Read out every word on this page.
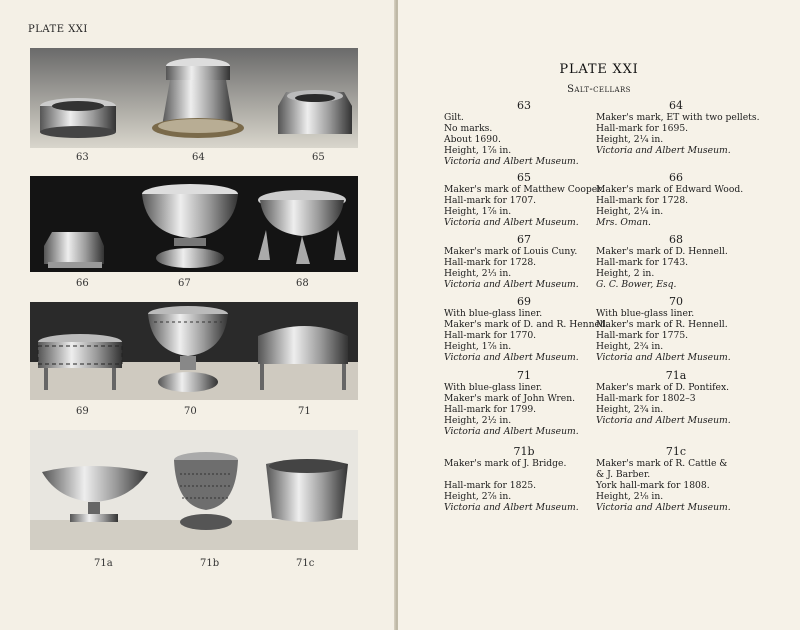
PLATE XXI
63	64	65
66	67	68
69	70	71
71a	71b	71c
PLATE XXI
Salt-cellars
63
Gilt.
No marks.
About 1690.
Height, 1⅞ in.
Victoria and Albert Museum.
64
Maker's mark, ET with two pellets.
Hall-mark for 1695.
Height, 2¼ in.
Victoria and Albert Museum.
65
Maker's mark of Matthew Cooper.
Hall-mark for 1707.
Height, 1⅞ in.
Victoria and Albert Museum.
66
Maker's mark of Edward Wood.
Hall-mark for 1728.
Height, 2¼ in.
Mrs. Oman.
67
Maker's mark of Louis Cuny.
Hall-mark for 1728.
Height, 2⅓ in.
Victoria and Albert Museum.
68
Maker's mark of D. Hennell.
Hall-mark for 1743.
Height, 2 in.
G. C. Bower, Esq.
69
With blue-glass liner.
Maker's mark of D. and R. Hennell.
Hall-mark for 1770.
Height, 1⅞ in.
Victoria and Albert Museum.
70
With blue-glass liner.
Maker's mark of R. Hennell.
Hall-mark for 1775.
Height, 2¾ in.
Victoria and Albert Museum.
71
With blue-glass liner.
Maker's mark of John Wren.
Hall-mark for 1799.
Height, 2½ in.
Victoria and Albert Museum.
71a
Maker's mark of D. Pontifex.
Hall-mark for 1802–3
Height, 2¾ in.
Victoria and Albert Museum.
71b
Maker's mark of J. Bridge.

Hall-mark for 1825.
Height, 2⅞ in.
Victoria and Albert Museum.
71c
Maker's mark of R. Cattle &
& J. Barber.
York hall-mark for 1808.
Height, 2⅛ in.
Victoria and Albert Museum.
